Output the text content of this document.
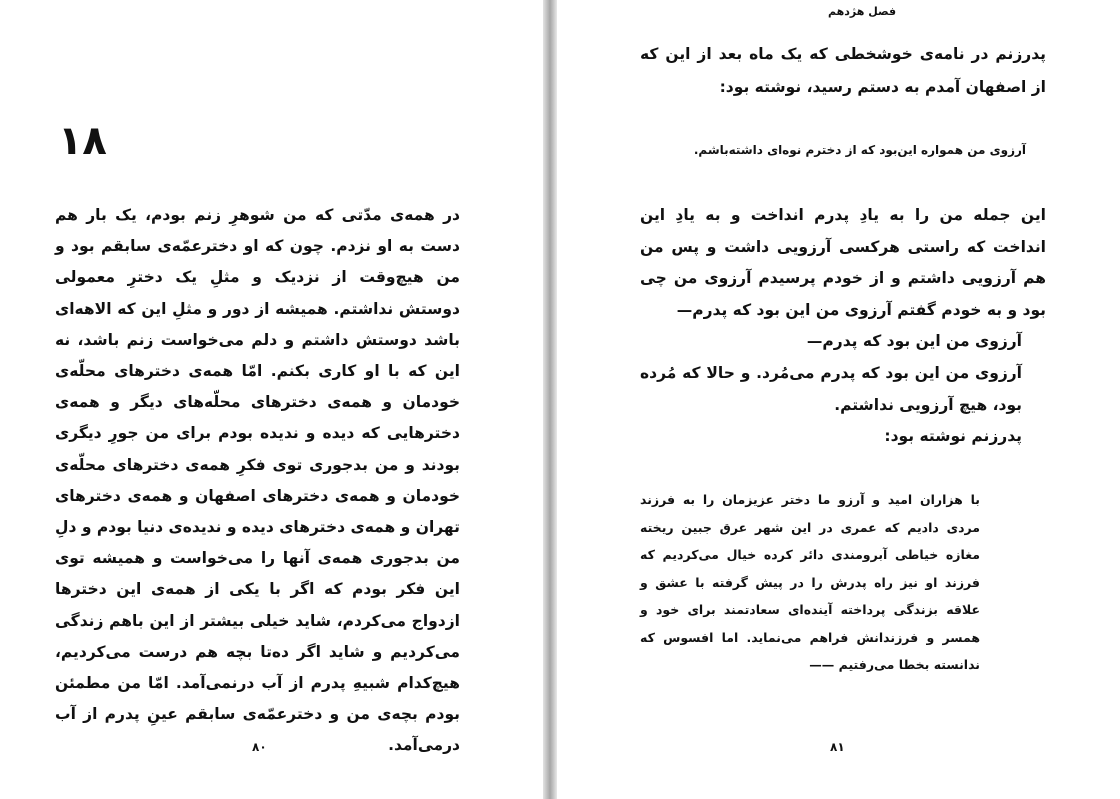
۱۸
در همه‌ی مدّتی که من شوهرِ زنم بودم، یک بار هم دست به او نزدم. چون که او دخترعمّه‌ی سابقم بود و من هیچ‌وقت از نزدیک و مثلِ یک دخترِ معمولی دوستش نداشتم. همیشه از دور و مثلِ این که الاهه‌ای باشد دوستش داشتم و دلم می‌خواست زنم باشد، نه این که با او کاری بکنم. امّا همه‌ی دخترهای محلّه‌ی خودمان و همه‌ی دخترهای محلّه‌های دیگر و همه‌ی دخترهایی که دیده و ندیده بودم برای من جورِ دیگری بودند و من بدجوری توی فکرِ همه‌ی دخترهای محلّه‌ی خودمان و همه‌ی دخترهای اصفهان و همه‌ی دخترهای تهران و همه‌ی دخترهای دیده و ندیده‌ی دنیا بودم و دلِ من بدجوری همه‌ی آنها را می‌خواست و همیشه توی این فکر بودم که اگر با یکی از همه‌ی این دخترها ازدواج می‌کردم، شاید خیلی بیشتر از این باهم زندگی می‌کردیم و شاید اگر ده‌تا بچه هم درست می‌کردیم، هیچ‌کدام شبیهِ پدرم از آب درنمی‌آمد. امّا من مطمئن بودم بچه‌ی من و دخترعمّه‌ی سابقم عینِ پدرم از آب درمی‌آمد.
۸۰
فصل هژدهم
پدرزنم در نامه‌ی خوشخطی که یک ماه بعد از این که از اصفهان آمدم به دستم رسید، نوشته بود:
آرزوی من همواره این‌بود که از دخترم نوه‌ای داشته‌باشم.

این جمله من را به یادِ پدرم انداخت و به یادِ این انداخت که راستی هرکسی آرزویی داشت و پس من هم آرزویی داشتم و از خودم پرسیدم آرزوی من چی بود و به خودم گفتم آرزوی من این بود که پدرم—

آرزوی من این بود که پدرم—

آرزوی من این بود که پدرم می‌مُرد. و حالا که مُرده بود، هیچ آرزویی نداشتم.

پدرزنم نوشته بود:

با هزاران امید و آرزو ما دختر عزیزمان را به فرزند مردی دادیم که عمری در این شهر عرق جبین ریخته مغازه خیاطی آبرومندی دائر کرده خیال می‌کردیم که فرزند او نیز راه پدرش را در پیش گرفته با عشق و علاقه بزندگی پرداخته آینده‌ای سعادتمند برای خود و همسر و فرزندانش فراهم می‌نماید. اما افسوس که ندانسته بخطا می‌رفتیم ——
۸۱
